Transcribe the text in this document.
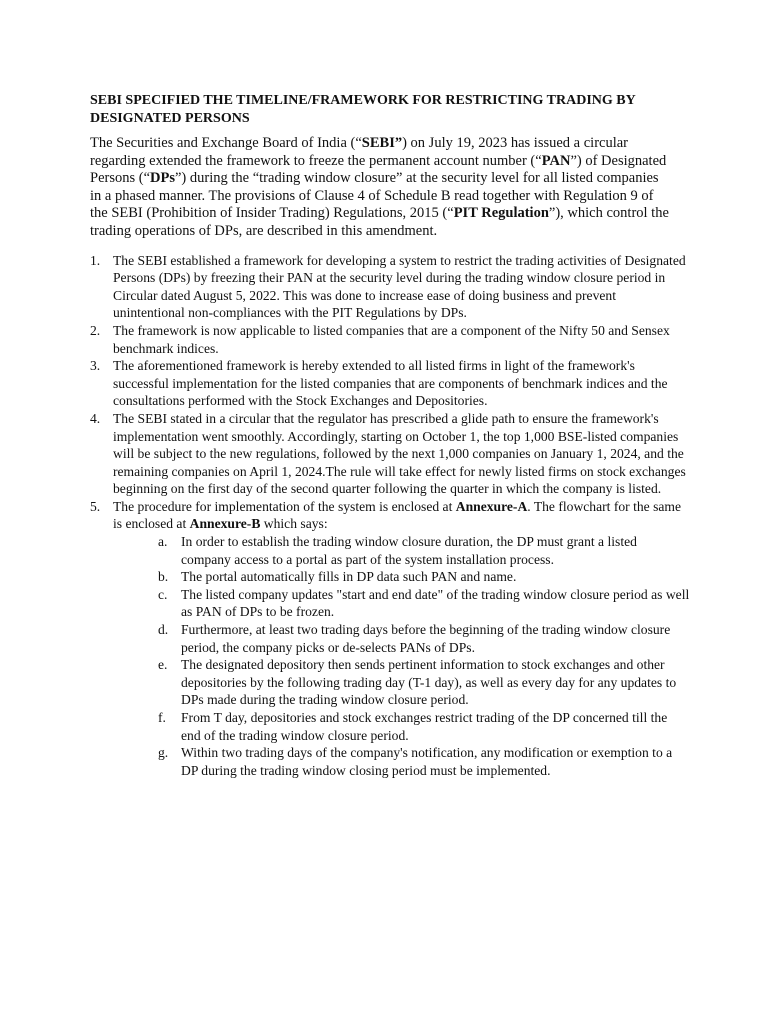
SEBI SPECIFIED THE TIMELINE/FRAMEWORK FOR RESTRICTING TRADING BY DESIGNATED PERSONS

The Securities and Exchange Board of India (“SEBI”) on July 19, 2023 has issued a circular regarding extended the framework to freeze the permanent account number (“PAN”) of Designated Persons (“DPs”) during the “trading window closure” at the security level for all listed companies in a phased manner. The provisions of Clause 4 of Schedule B read together with Regulation 9 of the SEBI (Prohibition of Insider Trading) Regulations, 2015 (“PIT Regulation”), which control the trading operations of DPs, are described in this amendment.

1. The SEBI established a framework for developing a system to restrict the trading activities of Designated Persons (DPs) by freezing their PAN at the security level during the trading window closure period in Circular dated August 5, 2022. This was done to increase ease of doing business and prevent unintentional non-compliances with the PIT Regulations by DPs.
2. The framework is now applicable to listed companies that are a component of the Nifty 50 and Sensex benchmark indices.
3. The aforementioned framework is hereby extended to all listed firms in light of the framework's successful implementation for the listed companies that are components of benchmark indices and the consultations performed with the Stock Exchanges and Depositories.
4. The SEBI stated in a circular that the regulator has prescribed a glide path to ensure the framework's implementation went smoothly. Accordingly, starting on October 1, the top 1,000 BSE-listed companies will be subject to the new regulations, followed by the next 1,000 companies on January 1, 2024, and the remaining companies on April 1, 2024.The rule will take effect for newly listed firms on stock exchanges beginning on the first day of the second quarter following the quarter in which the company is listed.
5. The procedure for implementation of the system is enclosed at Annexure-A. The flowchart for the same is enclosed at Annexure-B which says:
a. In order to establish the trading window closure duration, the DP must grant a listed company access to a portal as part of the system installation process.
b. The portal automatically fills in DP data such PAN and name.
c. The listed company updates "start and end date" of the trading window closure period as well as PAN of DPs to be frozen.
d. Furthermore, at least two trading days before the beginning of the trading window closure period, the company picks or de-selects PANs of DPs.
e. The designated depository then sends pertinent information to stock exchanges and other depositories by the following trading day (T-1 day), as well as every day for any updates to DPs made during the trading window closure period.
f. From T day, depositories and stock exchanges restrict trading of the DP concerned till the end of the trading window closure period.
g. Within two trading days of the company's notification, any modification or exemption to a DP during the trading window closing period must be implemented.
